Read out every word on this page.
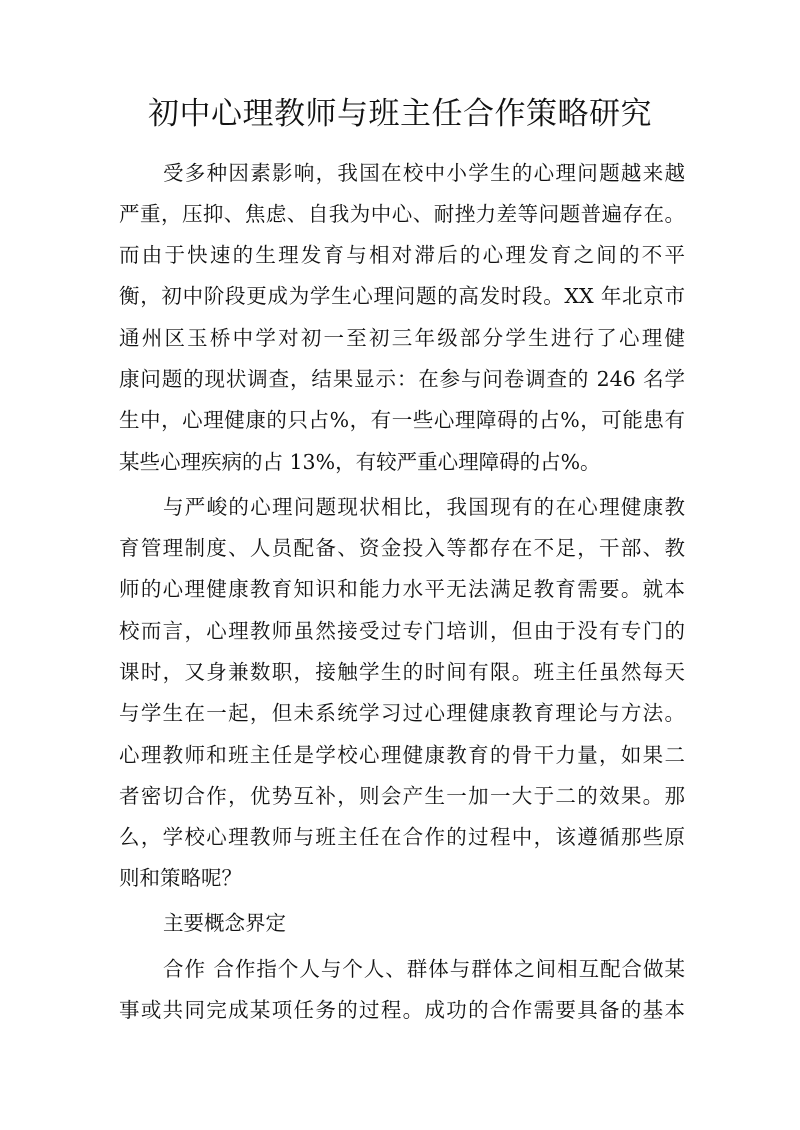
初中心理教师与班主任合作策略研究
受多种因素影响，我国在校中小学生的心理问题越来越
严重，压抑、焦虑、自我为中心、耐挫力差等问题普遍存在。
而由于快速的生理发育与相对滞后的心理发育之间的不平
衡，初中阶段更成为学生心理问题的高发时段。XX 年北京市
通州区玉桥中学对初一至初三年级部分学生进行了心理健
康问题的现状调查，结果显示：在参与问卷调查的 246 名学
生中，心理健康的只占%，有一些心理障碍的占%，可能患有
某些心理疾病的占 13%，有较严重心理障碍的占%。
与严峻的心理问题现状相比，我国现有的在心理健康教
育管理制度、人员配备、资金投入等都存在不足，干部、教
师的心理健康教育知识和能力水平无法满足教育需要。就本
校而言，心理教师虽然接受过专门培训，但由于没有专门的
课时，又身兼数职，接触学生的时间有限。班主任虽然每天
与学生在一起，但未系统学习过心理健康教育理论与方法。
心理教师和班主任是学校心理健康教育的骨干力量，如果二
者密切合作，优势互补，则会产生一加一大于二的效果。那
么，学校心理教师与班主任在合作的过程中，该遵循那些原
则和策略呢？
主要概念界定
合作 合作指个人与个人、群体与群体之间相互配合做某
事或共同完成某项任务的过程。成功的合作需要具备的基本
